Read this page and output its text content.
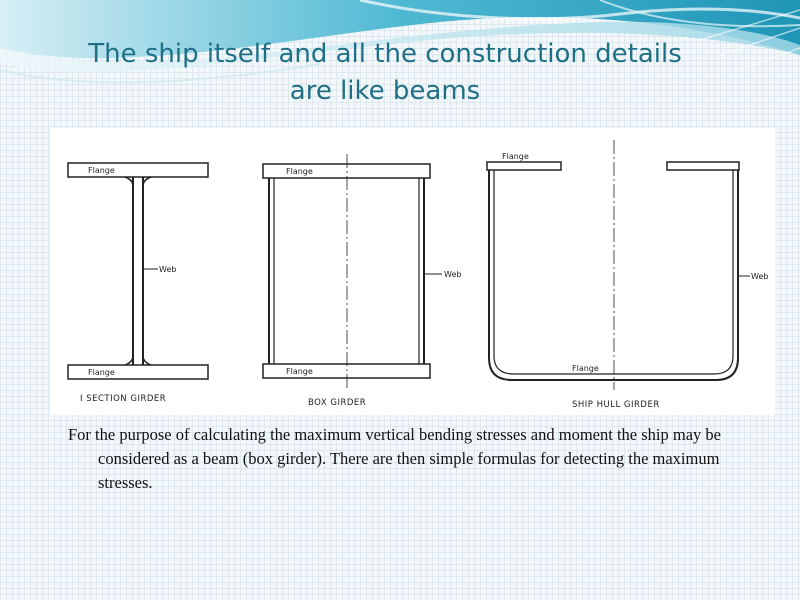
The ship itself and all the construction details
are like beams
Flange
Web
Flange
I SECTION GIRDER
Flange
Web
Flange
BOX GIRDER
Flange
Web
Flange
SHIP HULL GIRDER
For the purpose of calculating the maximum vertical bending stresses and moment the ship may be considered as a beam (box girder). There are then simple formulas for detecting the maximum stresses.
